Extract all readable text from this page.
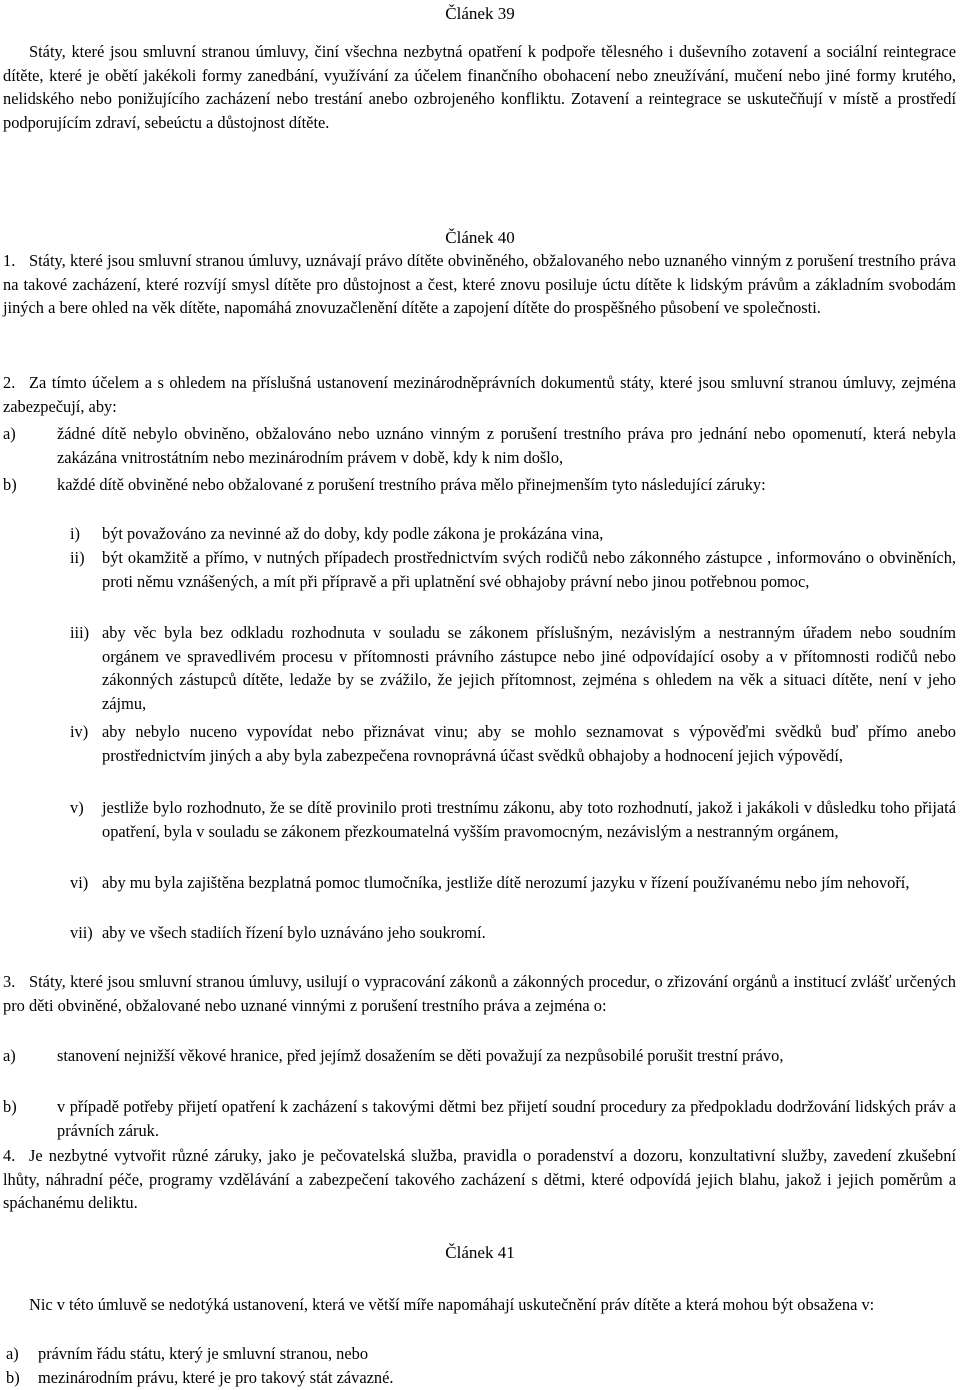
Článek 39
Státy, které jsou smluvní stranou úmluvy, činí všechna nezbytná opatření k podpoře tělesného i duševního zotavení a sociální reintegrace dítěte, které je obětí jakékoli formy zanedbání, využívání za účelem finančního obohacení nebo zneužívání, mučení nebo jiné formy krutého, nelidského nebo ponižujícího zacházení nebo trestání anebo ozbrojeného konfliktu. Zotavení a reintegrace se uskutečňují v místě a prostředí podporujícím zdraví, sebeúctu a důstojnost dítěte.
Článek 40
1. Státy, které jsou smluvní stranou úmluvy, uznávají právo dítěte obviněného, obžalovaného nebo uznaného vinným z porušení trestního práva na takové zacházení, které rozvíjí smysl dítěte pro důstojnost a čest, které znovu posiluje úctu dítěte k lidským právům a základním svobodám jiných a bere ohled na věk dítěte, napomáhá znovuzačlenění dítěte a zapojení dítěte do prospěšného působení ve společnosti.
2. Za tímto účelem a s ohledem na příslušná ustanovení mezinárodněprávních dokumentů státy, které jsou smluvní stranou úmluvy, zejména zabezpečují, aby:
a)	žádné dítě nebylo obviněno, obžalováno nebo uznáno vinným z porušení trestního práva pro jednání nebo opomenutí, která nebyla zakázána vnitrostátním nebo mezinárodním právem v době, kdy k nim došlo,
b) každé dítě obviněné nebo obžalované z porušení trestního práva mělo přinejmenším tyto následující záruky:
i) být považováno za nevinné až do doby, kdy podle zákona je prokázána vina,
ii) být okamžitě a přímo, v nutných případech prostřednictvím svých rodičů nebo zákonného zástupce , informováno o obviněních, proti němu vznášených, a mít při přípravě a při uplatnění své obhajoby právní nebo jinou potřebnou pomoc,
iii) aby věc byla bez odkladu rozhodnuta v souladu se zákonem příslušným, nezávislým a nestranným úřadem nebo soudním orgánem ve spravedlivém procesu v přítomnosti právního zástupce nebo jiné odpovídající osoby a v přítomnosti rodičů nebo zákonných zástupců dítěte, ledaže by se zvážilo, že jejich přítomnost, zejména s ohledem na věk a situaci dítěte, není v jeho zájmu,
iv) aby nebylo nuceno vypovídat nebo přiznávat vinu; aby se mohlo seznamovat s výpověďmi svědků buď přímo anebo prostřednictvím jiných a aby byla zabezpečena rovnoprávná účast svědků obhajoby a hodnocení jejich výpovědí,
v) jestliže bylo rozhodnuto, že se dítě provinilo proti trestnímu zákonu, aby toto rozhodnutí, jakož i jakákoli v důsledku toho přijatá opatření, byla v souladu se zákonem přezkoumatelná vyšším pravomocným, nezávislým a nestranným orgánem,
vi) aby mu byla zajištěna bezplatná pomoc tlumočníka, jestliže dítě nerozumí jazyku v řízení používanému nebo jím nehovoří,
vii) aby ve všech stadiích řízení bylo uznáváno jeho soukromí.
3. Státy, které jsou smluvní stranou úmluvy, usilují o vypracování zákonů a zákonných procedur, o zřizování orgánů a institucí zvlášť určených pro děti obviněné, obžalované nebo uznané vinnými z porušení trestního práva a zejména o:
a)	stanovení nejnižší věkové hranice, před jejímž dosažením se děti považují za nezpůsobilé porušit trestní právo,
b) v případě potřeby přijetí opatření k zacházení s takovými dětmi bez přijetí soudní procedury za předpokladu dodržování lidských práv a právních záruk.
4. Je nezbytné vytvořit různé záruky, jako je pečovatelská služba, pravidla o poradenství a dozoru, konzultativní služby, zavedení zkušební lhůty, náhradní péče, programy vzdělávání a zabezpečení takového zacházení s dětmi, které odpovídá jejich blahu, jakož i jejich poměrům a spáchanému deliktu.
Článek 41
Nic v této úmluvě se nedotýká ustanovení, která ve větší míře napomáhají uskutečnění práv dítěte a která mohou být obsažena v:
a) právním řádu státu, který je smluvní stranou, nebo
b) mezinárodním právu, které je pro takový stát závazné.
